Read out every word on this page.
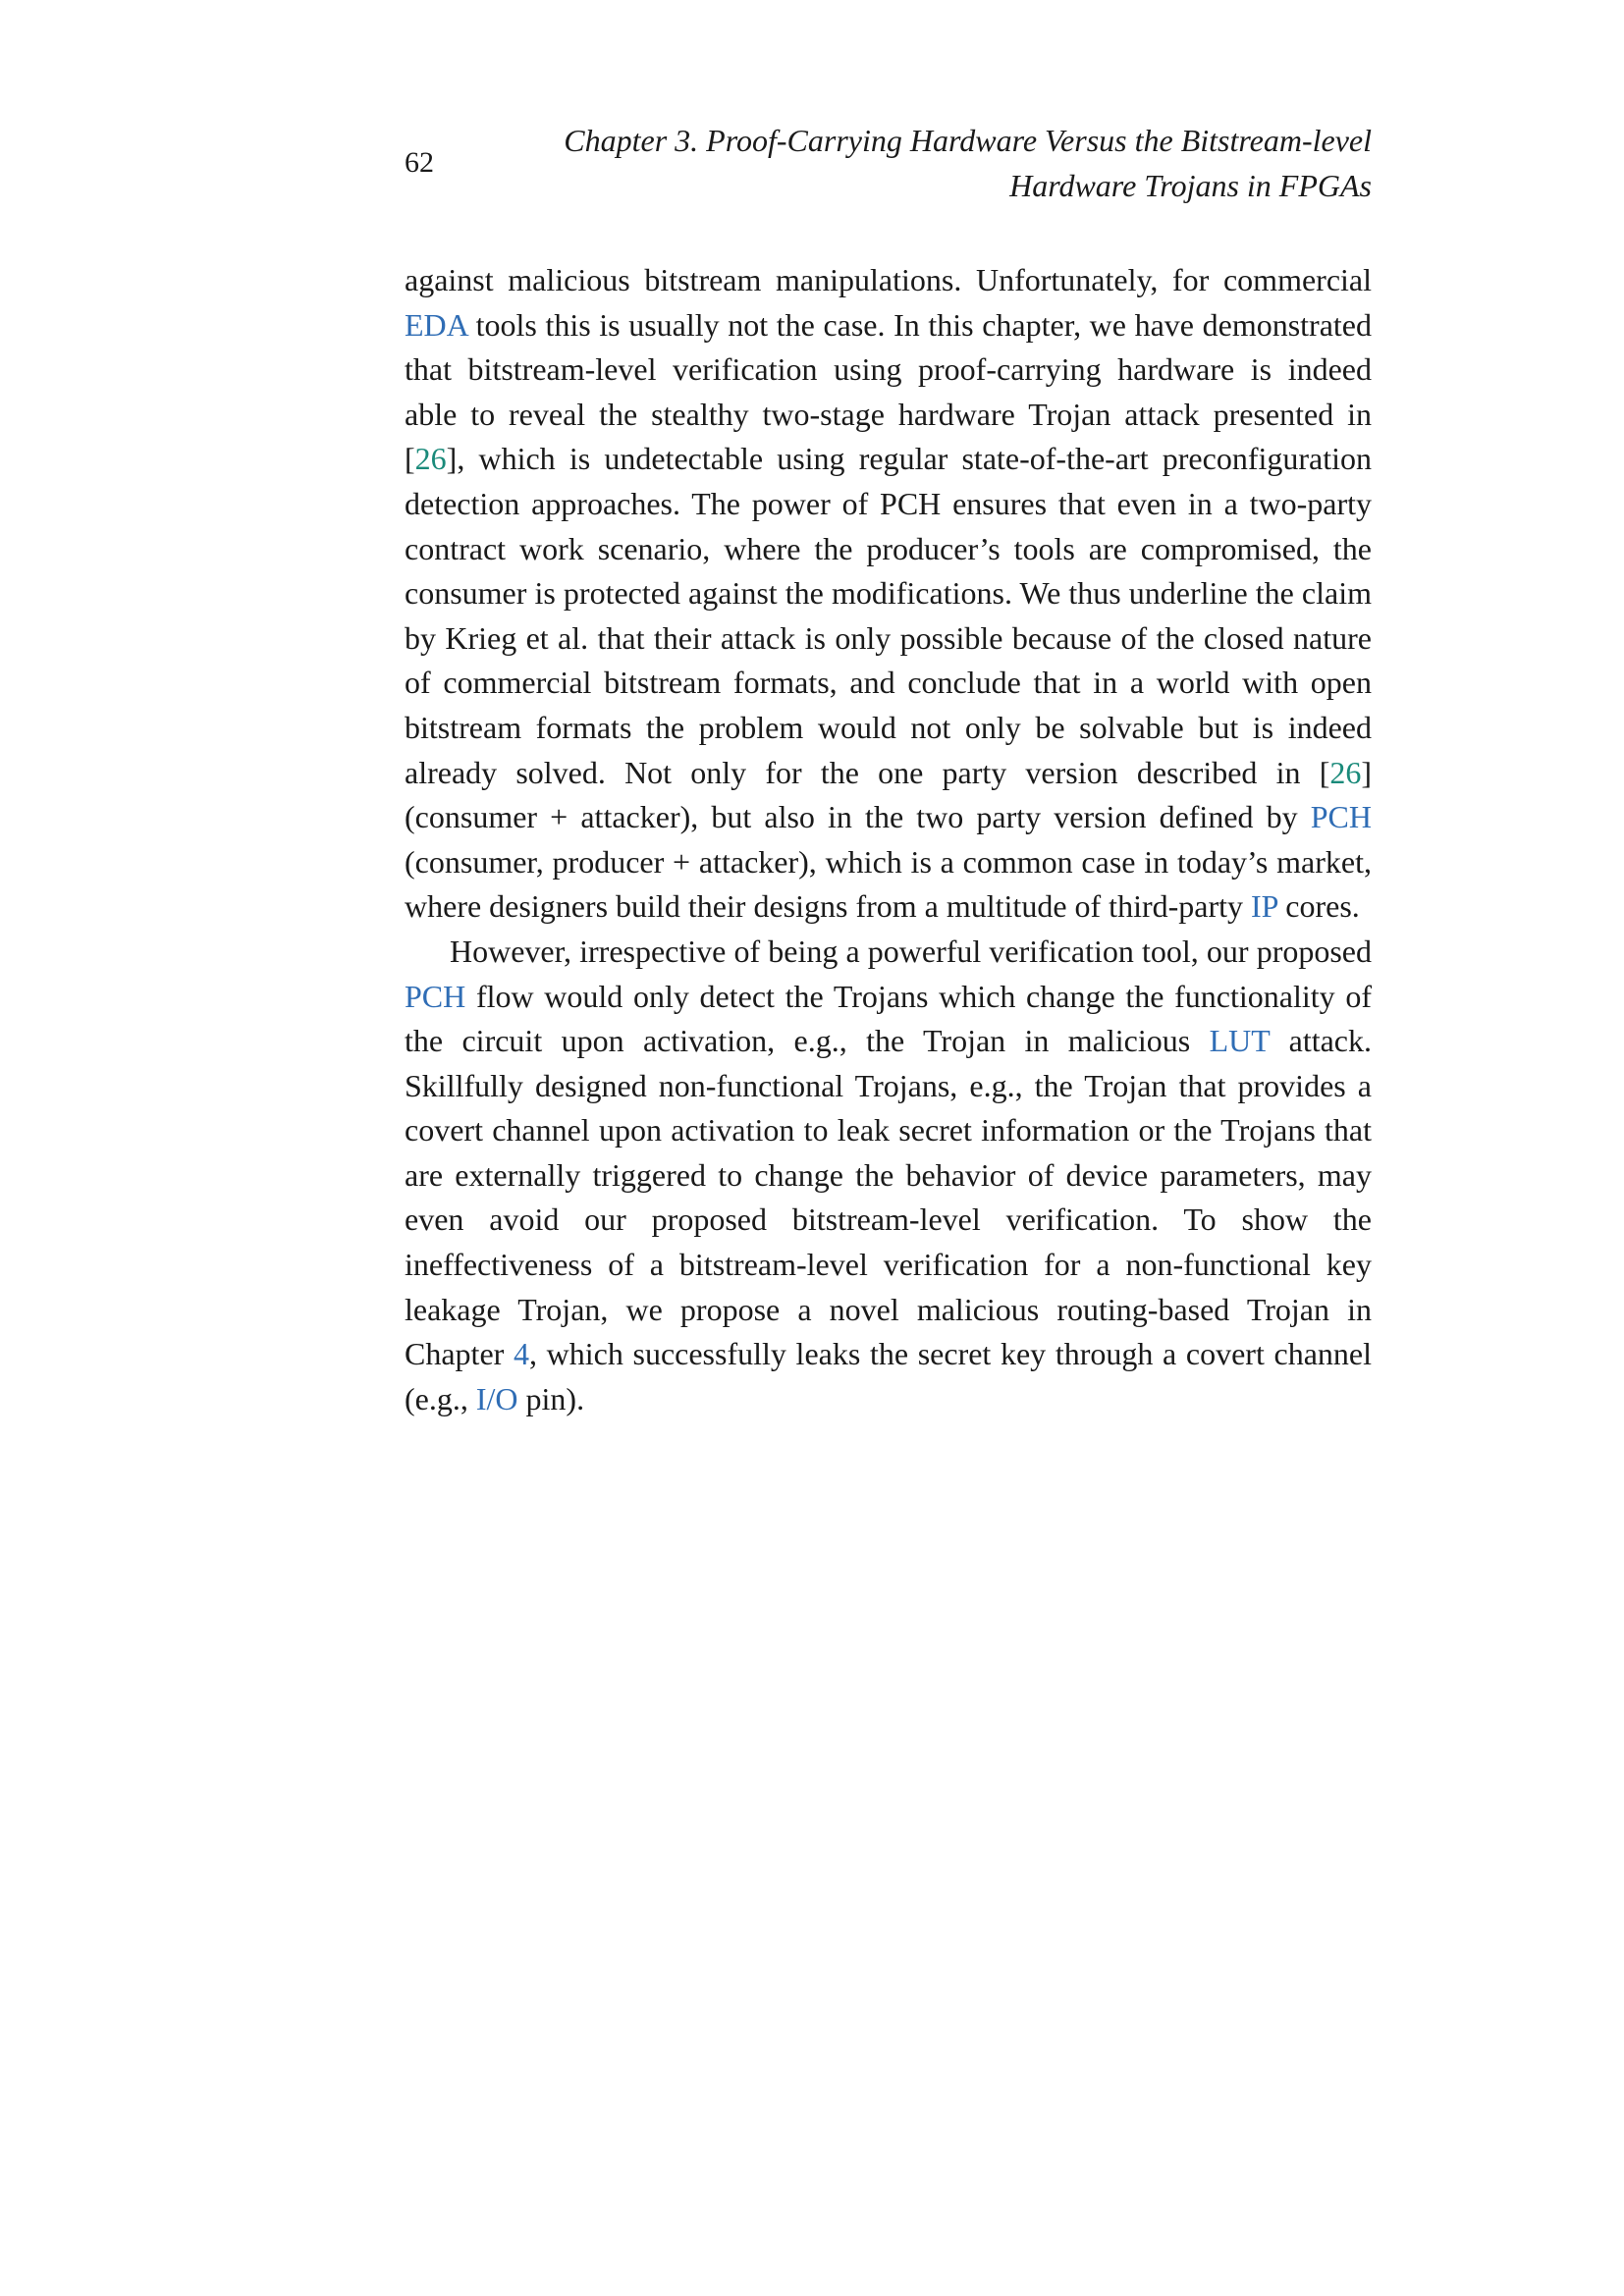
62
Chapter 3. Proof-Carrying Hardware Versus the Bitstream-level
Hardware Trojans in FPGAs

against malicious bitstream manipulations. Unfortunately, for commercial EDA tools this is usually not the case. In this chapter, we have demonstrated that bitstream-level verification using proof-carrying hardware is indeed able to reveal the stealthy two-stage hardware Trojan attack presented in [26], which is undetectable using regular state-of-the-art preconfiguration detection approaches. The power of PCH ensures that even in a two-party contract work scenario, where the producer’s tools are compromised, the consumer is protected against the modifications. We thus underline the claim by Krieg et al. that their attack is only possible because of the closed nature of commercial bitstream formats, and conclude that in a world with open bitstream formats the problem would not only be solvable but is indeed already solved. Not only for the one party version described in [26] (consumer + attacker), but also in the two party version defined by PCH (consumer, producer + attacker), which is a common case in today’s market, where designers build their designs from a multitude of third-party IP cores.

However, irrespective of being a powerful verification tool, our proposed PCH flow would only detect the Trojans which change the functionality of the circuit upon activation, e.g., the Trojan in malicious LUT attack. Skillfully designed non-functional Trojans, e.g., the Trojan that provides a covert channel upon activation to leak secret information or the Trojans that are externally triggered to change the behavior of device parameters, may even avoid our proposed bitstream-level verification. To show the ineffectiveness of a bitstream-level verification for a non-functional key leakage Trojan, we propose a novel malicious routing-based Trojan in Chapter 4, which successfully leaks the secret key through a covert channel (e.g., I/O pin).
